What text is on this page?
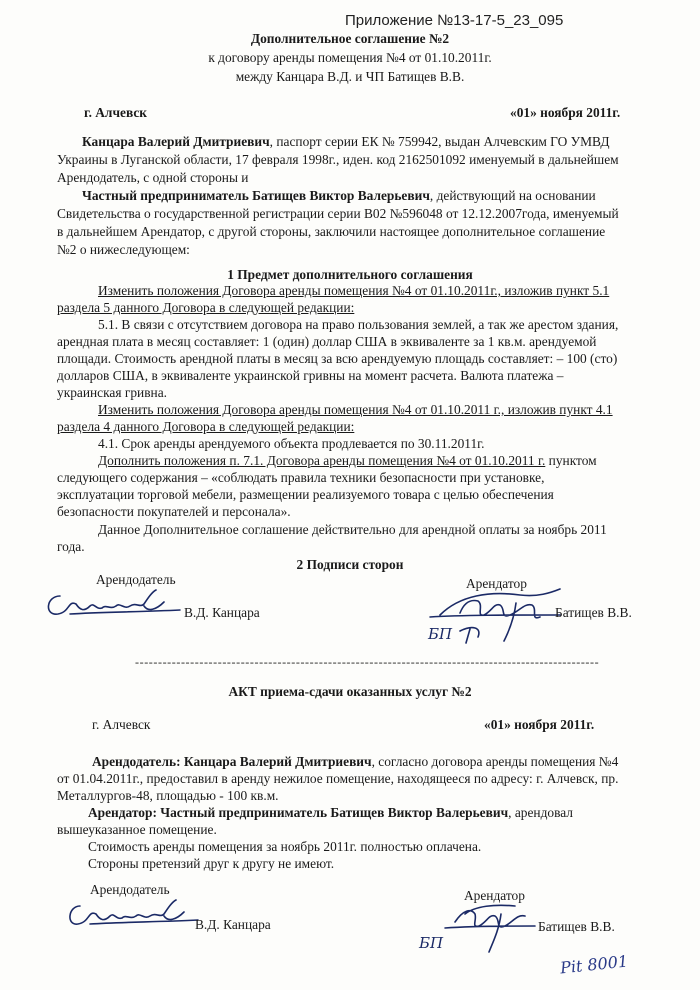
Приложение №13-17-5_23_095
Дополнительное соглашение №2
к договору аренды помещения №4 от 01.10.2011г.
между Канцара В.Д. и ЧП Батищев В.В.
г. Алчевск	«01» ноября 2011г.
Канцара Валерий Дмитриевич, паспорт серии ЕК № 759942, выдан Алчевским ГО УМВД
Украины в Луганской области, 17 февраля 1998г., иден. код 2162501092 именуемый в дальнейшем
Арендодатель, с одной стороны и
Частный предприниматель Батищев Виктор Валерьевич, действующий на основании
Свидетельства о государственной регистрации серии В02 №596048 от 12.12.2007года, именуемый
в дальнейшем Арендатор, с другой стороны, заключили настоящее дополнительное соглашение
№2 о нижеследующем:
1 Предмет дополнительного соглашения
Изменить положения Договора аренды помещения №4 от 01.10.2011г., изложив пункт 5.1
раздела 5 данного Договора в следующей редакции:
5.1. В связи с отсутствием договора на право пользования землей, а так же арестом здания,
арендная плата в месяц составляет: 1 (один) доллар США в эквиваленте за 1 кв.м. арендуемой
площади. Стоимость арендной платы в месяц за всю арендуемую площадь составляет: – 100 (сто)
долларов США, в эквиваленте украинской гривны на момент расчета. Валюта платежа –
украинская гривна.
Изменить положения Договора аренды помещения №4 от 01.10.2011 г., изложив пункт 4.1
раздела 4 данного Договора в следующей редакции:
4.1. Срок аренды арендуемого объекта продлевается по 30.11.2011г.
Дополнить положения п. 7.1. Договора аренды помещения №4 от 01.10.2011 г. пунктом
следующего содержания – «соблюдать правила техники безопасности при установке,
эксплуатации торговой мебели, размещении реализуемого товара с целью обеспечения
безопасности покупателей и персонала».
Данное Дополнительное соглашение действительно для арендной оплаты за ноябрь 2011
года.
2 Подписи сторон
Арендодатель	Арендатор
В.Д. Канцара
БП
Батищев В.В.
-----------------------------------------------------------------------------------------------------
АКТ приема-сдачи оказанных услуг №2
г. Алчевск	«01» ноября 2011г.
Арендодатель: Канцара Валерий Дмитриевич, согласно договора аренды помещения №4
от 01.04.2011г., предоставил в аренду нежилое помещение, находящееся по адресу: г. Алчевск, пр.
Металлургов-48, площадью - 100 кв.м.
Арендатор: Частный предприниматель Батищев Виктор Валерьевич, арендовал
вышеуказанное помещение.
Стоимость аренды помещения за ноябрь 2011г. полностью оплачена.
Стороны претензий друг к другу не имеют.
Арендодатель	Арендатор
В.Д. Канцара
БП
Батищев В.В.
Pit 8001
